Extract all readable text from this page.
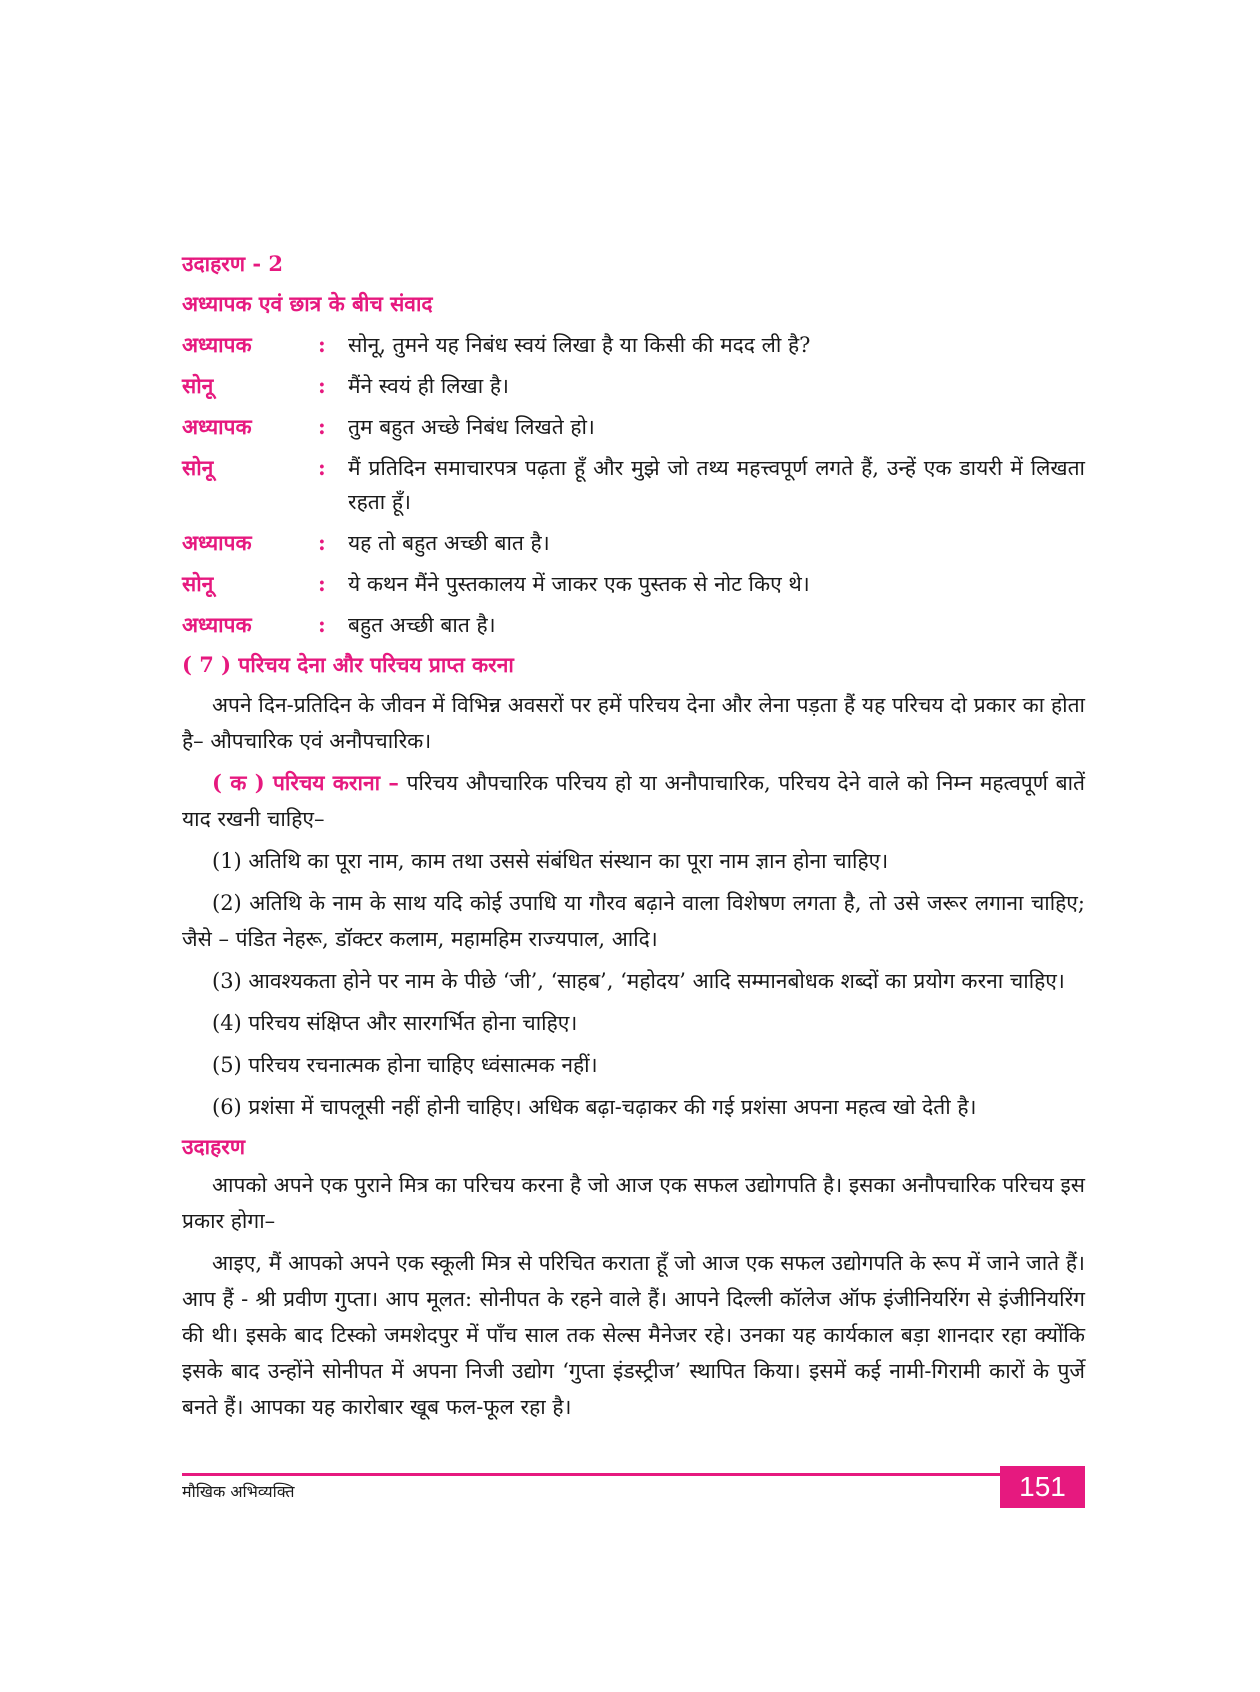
उदाहरण - 2
अध्यापक एवं छात्र के बीच संवाद
अध्यापक	:	सोनू, तुमने यह निबंध स्वयं लिखा है या किसी की मदद ली है?
सोनू	:	मैंने स्वयं ही लिखा है।
अध्यापक	:	तुम बहुत अच्छे निबंध लिखते हो।
सोनू	:	मैं प्रतिदिन समाचारपत्र पढ़ता हूँ और मुझे जो तथ्य महत्त्वपूर्ण लगते हैं, उन्हें एक डायरी में लिखता रहता हूँ।
अध्यापक	:	यह तो बहुत अच्छी बात है।
सोनू	:	ये कथन मैंने पुस्तकालय में जाकर एक पुस्तक से नोट किए थे।
अध्यापक	:	बहुत अच्छी बात है।
( 7 ) परिचय देना और परिचय प्राप्त करना

अपने दिन-प्रतिदिन के जीवन में विभिन्न अवसरों पर हमें परिचय देना और लेना पड़ता हैं यह परिचय दो प्रकार का होता है– औपचारिक एवं अनौपचारिक।

( क ) परिचय कराना – परिचय औपचारिक परिचय हो या अनौपाचारिक, परिचय देने वाले को निम्न महत्वपूर्ण बातें याद रखनी चाहिए–

(1) अतिथि का पूरा नाम, काम तथा उससे संबंधित संस्थान का पूरा नाम ज्ञान होना चाहिए।

(2) अतिथि के नाम के साथ यदि कोई उपाधि या गौरव बढ़ाने वाला विशेषण लगता है, तो उसे जरूर लगाना चाहिए; जैसे – पंडित नेहरू, डॉक्टर कलाम, महामहिम राज्यपाल, आदि।

(3) आवश्यकता होने पर नाम के पीछे ‘जी’, ‘साहब’, ‘महोदय’ आदि सम्मानबोधक शब्दों का प्रयोग करना चाहिए।

(4) परिचय संक्षिप्त और सारगर्भित होना चाहिए।

(5) परिचय रचनात्मक होना चाहिए ध्वंसात्मक नहीं।

(6) प्रशंसा में चापलूसी नहीं होनी चाहिए। अधिक बढ़ा-चढ़ाकर की गई प्रशंसा अपना महत्व खो देती है।

उदाहरण

आपको अपने एक पुराने मित्र का परिचय करना है जो आज एक सफल उद्योगपति है। इसका अनौपचारिक परिचय इस प्रकार होगा–

आइए, मैं आपको अपने एक स्कूली मित्र से परिचित कराता हूँ जो आज एक सफल उद्योगपति के रूप में जाने जाते हैं। आप हैं - श्री प्रवीण गुप्ता। आप मूलत: सोनीपत के रहने वाले हैं। आपने दिल्ली कॉलेज ऑफ इंजीनियरिंग से इंजीनियरिंग की थी। इसके बाद टिस्को जमशेदपुर में पाँच साल तक सेल्स मैनेजर रहे। उनका यह कार्यकाल बड़ा शानदार रहा क्योंकि इसके बाद उन्होंने सोनीपत में अपना निजी उद्योग ‘गुप्ता इंडस्ट्रीज’ स्थापित किया। इसमें कई नामी-गिरामी कारों के पुर्जे बनते हैं। आपका यह कारोबार खूब फल-फूल रहा है।

मौखिक अभिव्यक्ति	151
